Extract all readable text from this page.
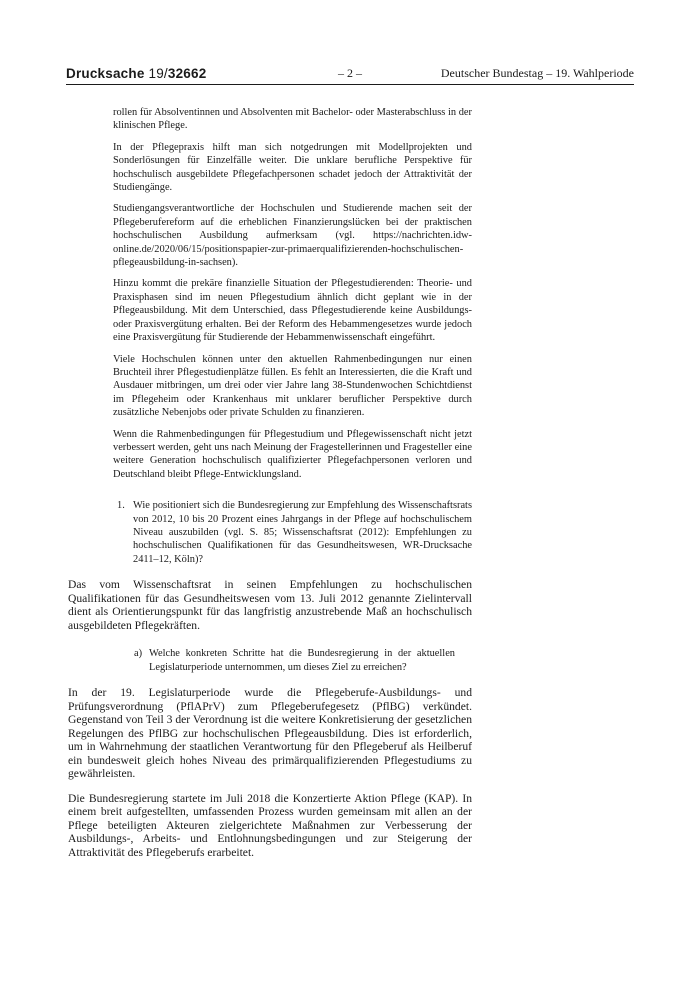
Drucksache 19/32662	– 2 –	Deutscher Bundestag – 19. Wahlperiode

rollen für Absolventinnen und Absolventen mit Bachelor- oder Masterabschluss in der klinischen Pflege.

In der Pflegepraxis hilft man sich notgedrungen mit Modellprojekten und Sonderlösungen für Einzelfälle weiter. Die unklare berufliche Perspektive für hochschulisch ausgebildete Pflegefachpersonen schadet jedoch der Attraktivität der Studiengänge.

Studiengangsverantwortliche der Hochschulen und Studierende machen seit der Pflegeberufereform auf die erheblichen Finanzierungslücken bei der praktischen hochschulischen Ausbildung aufmerksam (vgl. https://nachrichten.idw-online.de/2020/06/15/positionspapier-zur-primaerqualifizierenden-hochschulischen-pflegeausbildung-in-sachsen).

Hinzu kommt die prekäre finanzielle Situation der Pflegestudierenden: Theorie- und Praxisphasen sind im neuen Pflegestudium ähnlich dicht geplant wie in der Pflegeausbildung. Mit dem Unterschied, dass Pflegestudierende keine Ausbildungs- oder Praxisvergütung erhalten. Bei der Reform des Hebammengesetzes wurde jedoch eine Praxisvergütung für Studierende der Hebammenwissenschaft eingeführt.

Viele Hochschulen können unter den aktuellen Rahmenbedingungen nur einen Bruchteil ihrer Pflegestudienplätze füllen. Es fehlt an Interessierten, die die Kraft und Ausdauer mitbringen, um drei oder vier Jahre lang 38-Stundenwochen Schichtdienst im Pflegeheim oder Krankenhaus mit unklarer beruflicher Perspektive durch zusätzliche Nebenjobs oder private Schulden zu finanzieren.

Wenn die Rahmenbedingungen für Pflegestudium und Pflegewissenschaft nicht jetzt verbessert werden, geht uns nach Meinung der Fragestellerinnen und Fragesteller eine weitere Generation hochschulisch qualifizierter Pflegefachpersonen verloren und Deutschland bleibt Pflege-Entwicklungsland.

1. Wie positioniert sich die Bundesregierung zur Empfehlung des Wissenschaftsrats von 2012, 10 bis 20 Prozent eines Jahrgangs in der Pflege auf hochschulischem Niveau auszubilden (vgl. S. 85; Wissenschaftsrat (2012): Empfehlungen zu hochschulischen Qualifikationen für das Gesundheitswesen, WR-Drucksache 2411–12, Köln)?

Das vom Wissenschaftsrat in seinen Empfehlungen zu hochschulischen Qualifikationen für das Gesundheitswesen vom 13. Juli 2012 genannte Zielintervall dient als Orientierungspunkt für das langfristig anzustrebende Maß an hochschulisch ausgebildeten Pflegekräften.

a) Welche konkreten Schritte hat die Bundesregierung in der aktuellen Legislaturperiode unternommen, um dieses Ziel zu erreichen?

In der 19. Legislaturperiode wurde die Pflegeberufe-Ausbildungs- und Prüfungsverordnung (PflAPrV) zum Pflegeberufegesetz (PflBG) verkündet. Gegenstand von Teil 3 der Verordnung ist die weitere Konkretisierung der gesetzlichen Regelungen des PflBG zur hochschulischen Pflegeausbildung. Dies ist erforderlich, um in Wahrnehmung der staatlichen Verantwortung für den Pflegeberuf als Heilberuf ein bundesweit gleich hohes Niveau des primärqualifizierenden Pflegestudiums zu gewährleisten.

Die Bundesregierung startete im Juli 2018 die Konzertierte Aktion Pflege (KAP). In einem breit aufgestellten, umfassenden Prozess wurden gemeinsam mit allen an der Pflege beteiligten Akteuren zielgerichtete Maßnahmen zur Verbesserung der Ausbildungs-, Arbeits- und Entlohnungsbedingungen und zur Steigerung der Attraktivität des Pflegeberufs erarbeitet.
